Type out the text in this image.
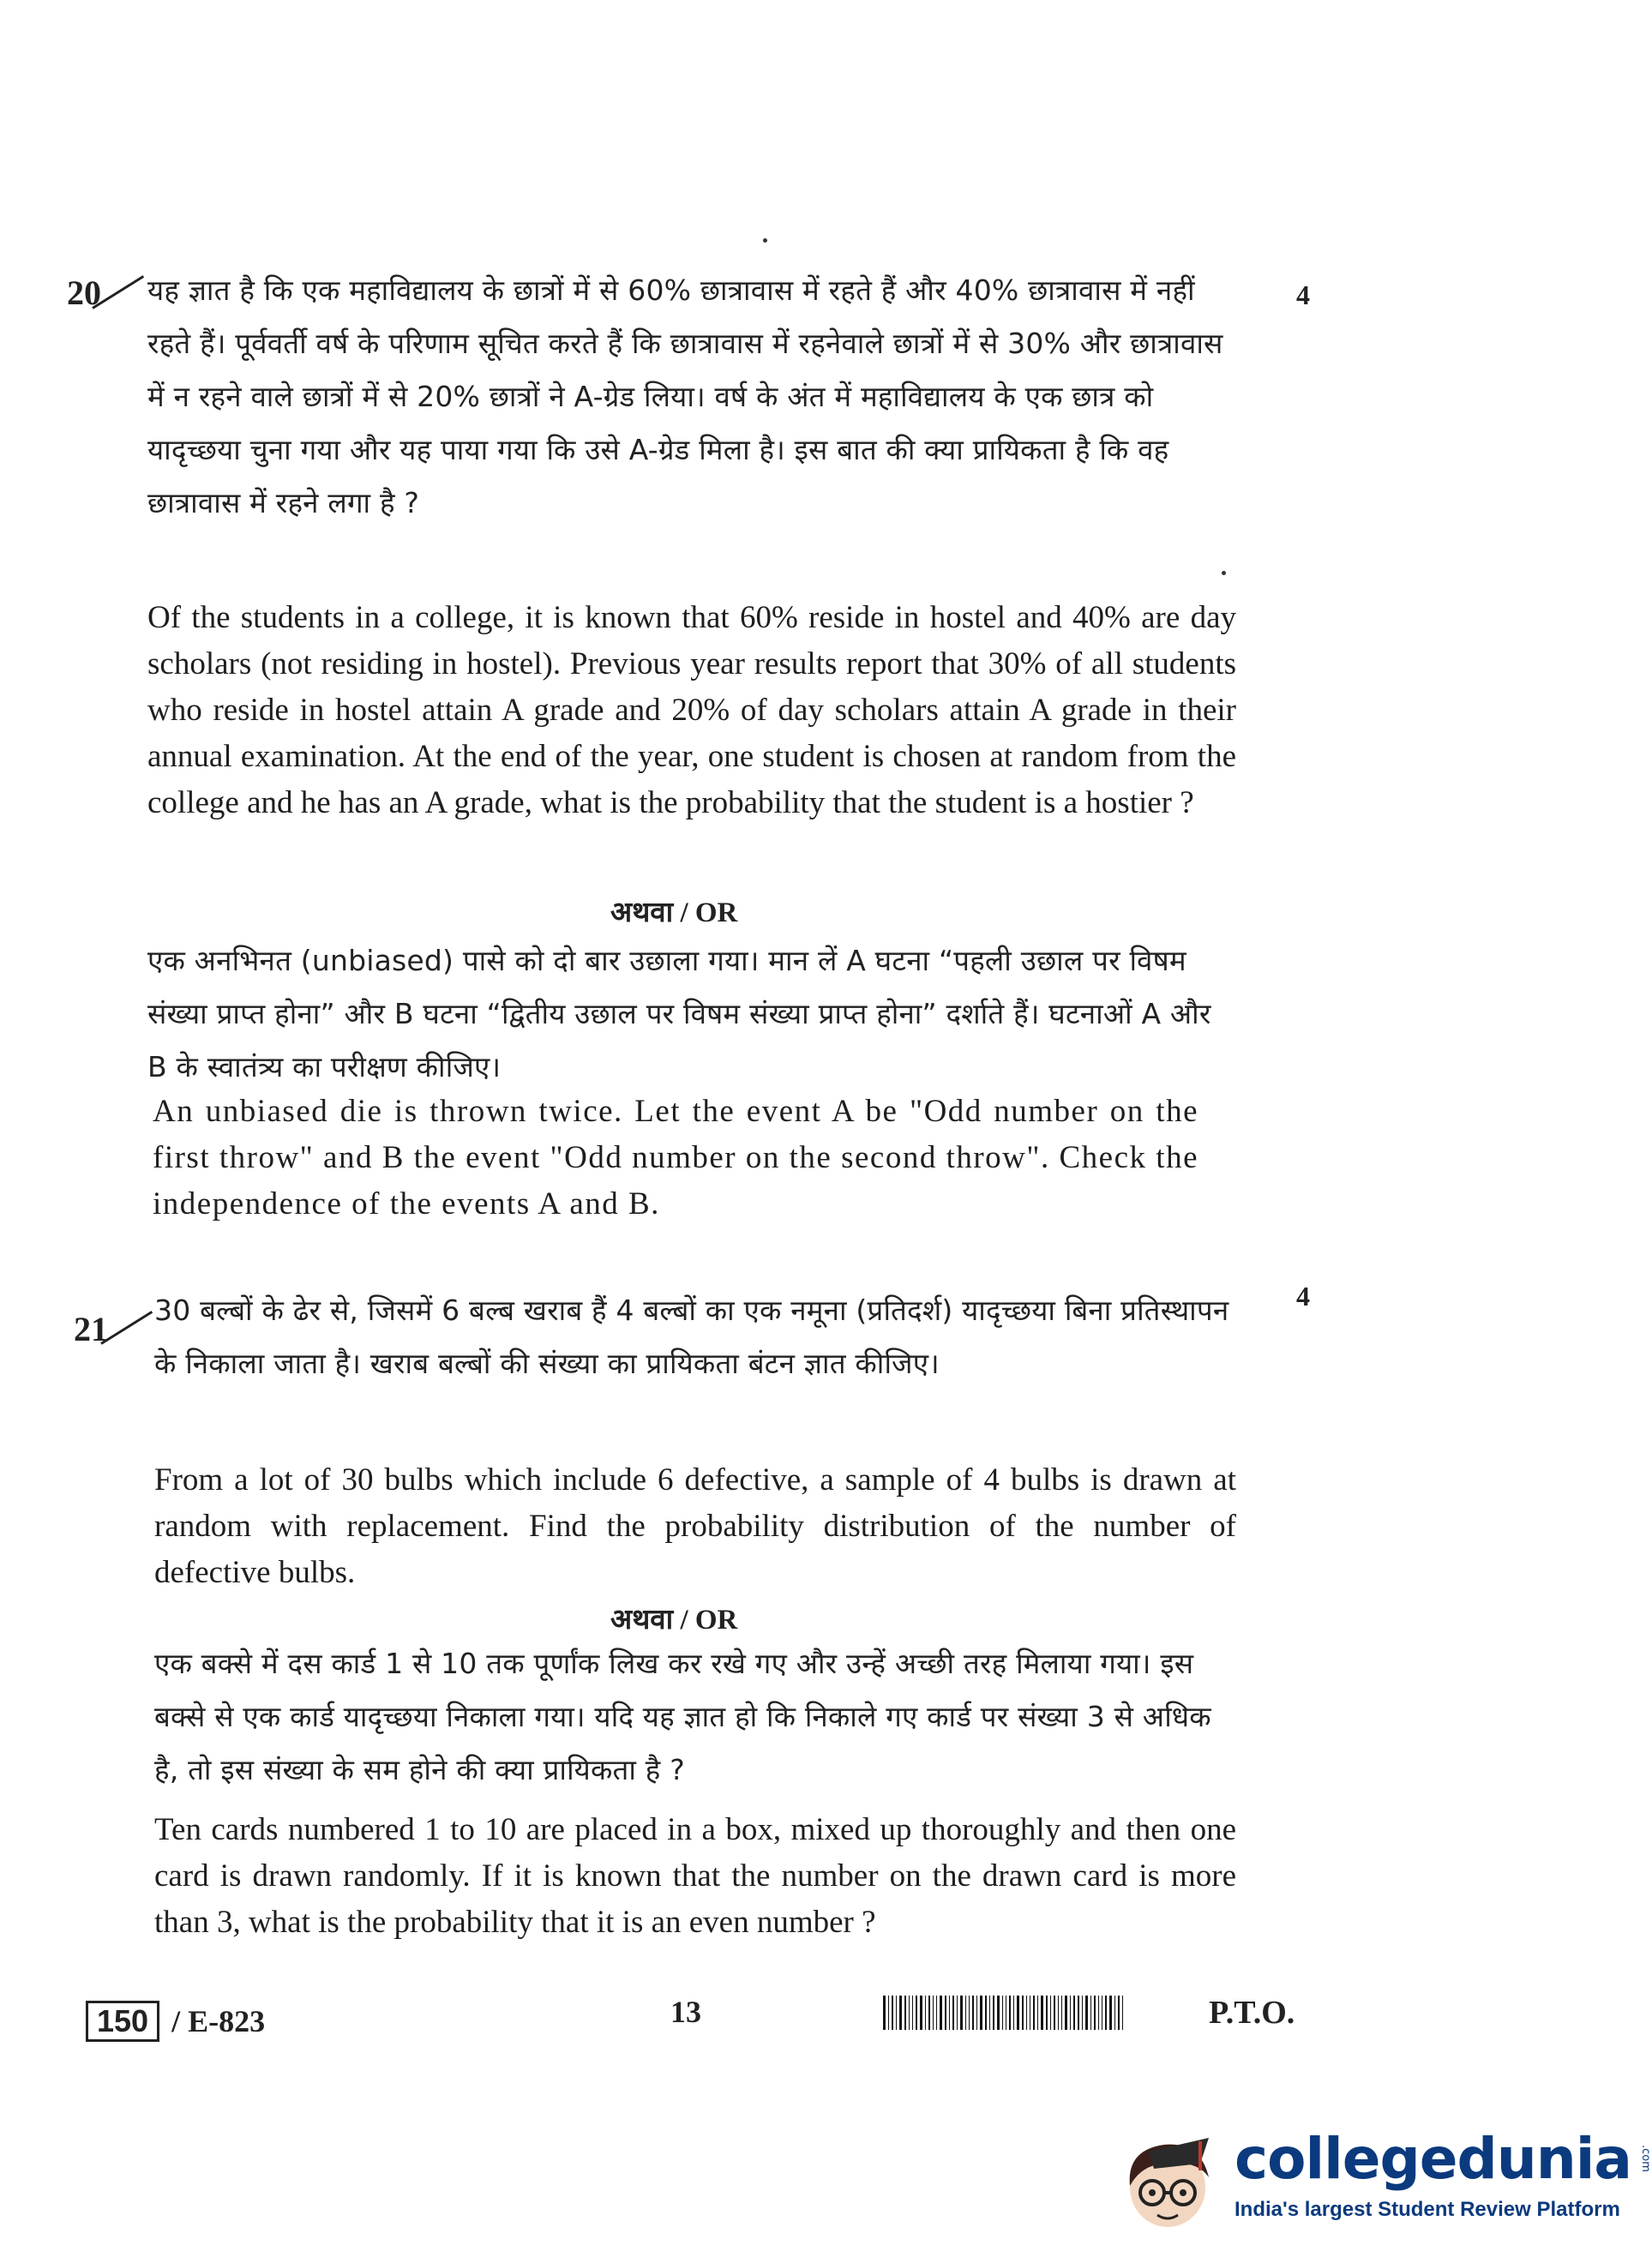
20	4

यह ज्ञात है कि एक महाविद्यालय के छात्रों में से 60% छात्रावास में रहते हैं और 40% छात्रावास में नहीं रहते हैं। पूर्ववर्ती वर्ष के परिणाम सूचित करते हैं कि छात्रावास में रहनेवाले छात्रों में से 30% और छात्रावास में न रहने वाले छात्रों में से 20% छात्रों ने A-ग्रेड लिया। वर्ष के अंत में महाविद्यालय के एक छात्र को यादृच्छया चुना गया और यह पाया गया कि उसे A-ग्रेड मिला है। इस बात की क्या प्रायिकता है कि वह छात्रावास में रहने लगा है ?

Of the students in a college, it is known that 60% reside in hostel and 40% are day scholars (not residing in hostel). Previous year results report that 30% of all students who reside in hostel attain A grade and 20% of day scholars attain A grade in their annual examination. At the end of the year, one student is chosen at random from the college and he has an A grade, what is the probability that the student is a hostier ?

अथवा / OR

एक अनभिनत (unbiased) पासे को दो बार उछाला गया। मान लें A घटना “पहली उछाल पर विषम संख्या प्राप्त होना” और B घटना “द्वितीय उछाल पर विषम संख्या प्राप्त होना” दर्शाते हैं। घटनाओं A और B के स्वातंत्र्य का परीक्षण कीजिए।

An unbiased die is thrown twice. Let the event A be "Odd number on the first throw" and B the event "Odd number on the second throw". Check the independence of the events A and B.

21
4

30 बल्बों के ढेर से, जिसमें 6 बल्ब खराब हैं 4 बल्बों का एक नमूना (प्रतिदर्श) यादृच्छया बिना प्रतिस्थापन के निकाला जाता है। खराब बल्बों की संख्या का प्रायिकता बंटन ज्ञात कीजिए।

From a lot of 30 bulbs which include 6 defective, a sample of 4 bulbs is drawn at random with replacement. Find the probability distribution of the number of defective bulbs.

अथवा / OR

एक बक्से में दस कार्ड 1 से 10 तक पूर्णांक लिख कर रखे गए और उन्हें अच्छी तरह मिलाया गया। इस बक्से से एक कार्ड यादृच्छया निकाला गया। यदि यह ज्ञात हो कि निकाले गए कार्ड पर संख्या 3 से अधिक है, तो इस संख्या के सम होने की क्या प्रायिकता है ?

Ten cards numbered 1 to 10 are placed in a box, mixed up thoroughly and then one card is drawn randomly. If it is known that the number on the drawn card is more than 3, what is the probability that it is an even number ?

150 / E-823	13	P.T.O.
collegedunia .com
India's largest Student Review Platform
